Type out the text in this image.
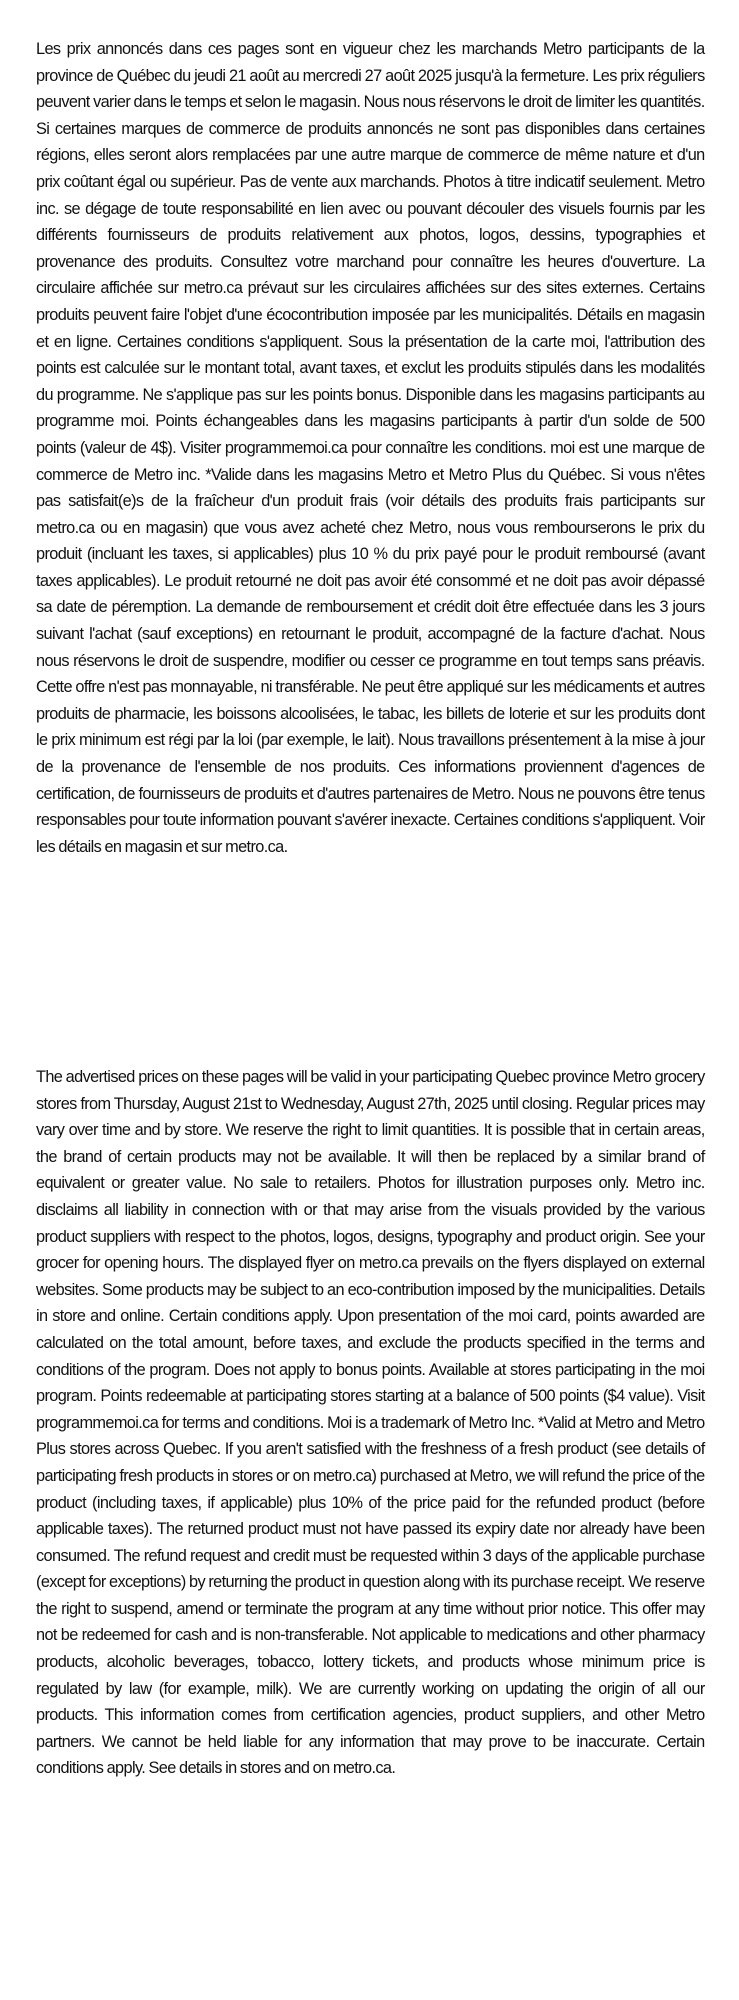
Les prix annoncés dans ces pages sont en vigueur chez les marchands Metro participants de la province de Québec du jeudi 21 août au mercredi 27 août 2025 jusqu'à la fermeture. Les prix réguliers peuvent varier dans le temps et selon le magasin. Nous nous réservons le droit de limiter les quantités. Si certaines marques de commerce de produits annoncés ne sont pas disponibles dans certaines régions, elles seront alors remplacées par une autre marque de commerce de même nature et d'un prix coûtant égal ou supérieur. Pas de vente aux marchands. Photos à titre indicatif seulement. Metro inc. se dégage de toute responsabilité en lien avec ou pouvant découler des visuels fournis par les différents fournisseurs de produits relativement aux photos, logos, dessins, typographies et provenance des produits. Consultez votre marchand pour connaître les heures d'ouverture. La circulaire affichée sur metro.ca prévaut sur les circulaires affichées sur des sites externes. Certains produits peuvent faire l'objet d'une écocontribution imposée par les municipalités. Détails en magasin et en ligne. Certaines conditions s'appliquent. Sous la présentation de la carte moi, l'attribution des points est calculée sur le montant total, avant taxes, et exclut les produits stipulés dans les modalités du programme. Ne s'applique pas sur les points bonus. Disponible dans les magasins participants au programme moi. Points échangeables dans les magasins participants à partir d'un solde de 500 points (valeur de 4$). Visiter programmemoi.ca pour connaître les conditions. moi est une marque de commerce de Metro inc. *Valide dans les magasins Metro et Metro Plus du Québec. Si vous n'êtes pas satisfait(e)s de la fraîcheur d'un produit frais (voir détails des produits frais participants sur metro.ca ou en magasin) que vous avez acheté chez Metro, nous vous rembourserons le prix du produit (incluant les taxes, si applicables) plus 10 % du prix payé pour le produit remboursé (avant taxes applicables). Le produit retourné ne doit pas avoir été consommé et ne doit pas avoir dépassé sa date de péremption. La demande de remboursement et crédit doit être effectuée dans les 3 jours suivant l'achat (sauf exceptions) en retournant le produit, accompagné de la facture d'achat. Nous nous réservons le droit de suspendre, modifier ou cesser ce programme en tout temps sans préavis. Cette offre n'est pas monnayable, ni transférable. Ne peut être appliqué sur les médicaments et autres produits de pharmacie, les boissons alcoolisées, le tabac, les billets de loterie et sur les produits dont le prix minimum est régi par la loi (par exemple, le lait). Nous travaillons présentement à la mise à jour de la provenance de l'ensemble de nos produits. Ces informations proviennent d'agences de certification, de fournisseurs de produits et d'autres partenaires de Metro. Nous ne pouvons être tenus responsables pour toute information pouvant s'avérer inexacte. Certaines conditions s'appliquent. Voir les détails en magasin et sur metro.ca.

The advertised prices on these pages will be valid in your participating Quebec province Metro grocery stores from Thursday, August 21st to Wednesday, August 27th, 2025 until closing. Regular prices may vary over time and by store. We reserve the right to limit quantities. It is possible that in certain areas, the brand of certain products may not be available. It will then be replaced by a similar brand of equivalent or greater value. No sale to retailers. Photos for illustration purposes only. Metro inc. disclaims all liability in connection with or that may arise from the visuals provided by the various product suppliers with respect to the photos, logos, designs, typography and product origin. See your grocer for opening hours. The displayed flyer on metro.ca prevails on the flyers displayed on external websites. Some products may be subject to an eco-contribution imposed by the municipalities. Details in store and online. Certain conditions apply. Upon presentation of the moi card, points awarded are calculated on the total amount, before taxes, and exclude the products specified in the terms and conditions of the program. Does not apply to bonus points. Available at stores participating in the moi program. Points redeemable at participating stores starting at a balance of 500 points ($4 value). Visit programmemoi.ca for terms and conditions. Moi is a trademark of Metro Inc. *Valid at Metro and Metro Plus stores across Quebec. If you aren't satisfied with the freshness of a fresh product (see details of participating fresh products in stores or on metro.ca) purchased at Metro, we will refund the price of the product (including taxes, if applicable) plus 10% of the price paid for the refunded product (before applicable taxes). The returned product must not have passed its expiry date nor already have been consumed. The refund request and credit must be requested within 3 days of the applicable purchase (except for exceptions) by returning the product in question along with its purchase receipt. We reserve the right to suspend, amend or terminate the program at any time without prior notice. This offer may not be redeemed for cash and is non-transferable. Not applicable to medications and other pharmacy products, alcoholic beverages, tobacco, lottery tickets, and products whose minimum price is regulated by law (for example, milk). We are currently working on updating the origin of all our products. This information comes from certification agencies, product suppliers, and other Metro partners. We cannot be held liable for any information that may prove to be inaccurate. Certain conditions apply. See details in stores and on metro.ca.
